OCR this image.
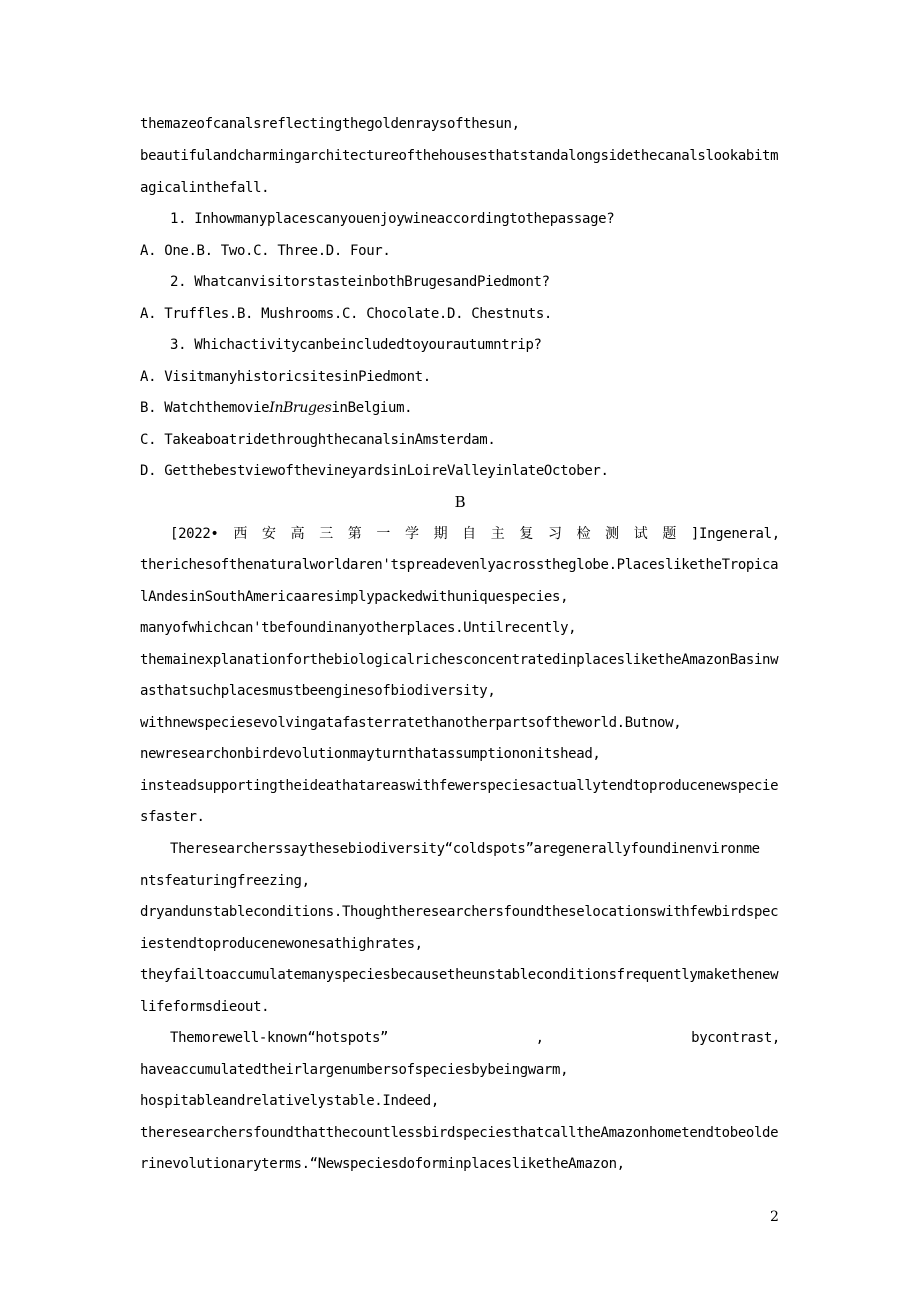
themazeofcanalsreflectingthegoldenraysofthesun,
beautifulandcharmingarchitectureofthehousesthatstandalongsidethecanalslookabitm
agicalinthefall.
1. Inhowmanyplacescanyouenjoywineaccordingtothepassage?
A. One.B. Two.C. Three.D. Four.
2. WhatcanvisitorstasteinbothBrugesandPiedmont?
A. Truffles.B. Mushrooms.C. Chocolate.D. Chestnuts.
3. Whichactivitycanbeincludedtoyourautumntrip?
A. VisitmanyhistoricsitesinPiedmont.
B. WatchthemovieInBrugesinBelgium.
C. TakeaboatridethroughthecanalsinAmsterdam.
D. GetthebestviewofthevineyardsinLoireValleyinlateOctober.
B
[2022• 西 安 高 三 第 一 学 期 自 主 复 习 检 测 试 题 ]Ingeneral,
therichesofthenaturalworldaren'tspreadevenlyacrosstheglobe.PlacesliketheTropica
lAndesinSouthAmericaaresimplypackedwithuniquespecies,
manyofwhichcan'tbefoundinanyotherplaces.Untilrecently,
themainexplanationforthebiologicalrichesconcentratedinplacesliketheAmazonBasinw
asthatsuchplacesmustbeenginesofbiodiversity,
withnewspeciesevolvingatafasterratethanotherpartsoftheworld.Butnow,
newresearchonbirdevolutionmayturnthatassumptiononitshead,
insteadsupportingtheideathatareaswithfewerspeciesactuallytendtoproducenewspecie
sfaster.
Theresearcherssaythesebiodiversity“coldspots”aregenerallyfoundinenvironme
ntsfeaturingfreezing,
dryandunstableconditions.Thoughtheresearchersfoundtheselocationswithfewbirdspec
iestendtoproducenewonesathighrates,
theyfailtoaccumulatemanyspeciesbecausetheunstableconditionsfrequentlymakethenew
lifeformsdieout.
Themorewell-known“hotspots”	,	bycontrast,
haveaccumulatedtheirlargenumbersofspeciesbybeingwarm,
hospitableandrelativelystable.Indeed,
theresearchersfoundthatthecountlessbirdspeciesthatcalltheAmazonhometendtobeolde
rinevolutionaryterms.“NewspeciesdoforminplacesliketheAmazon,
2
